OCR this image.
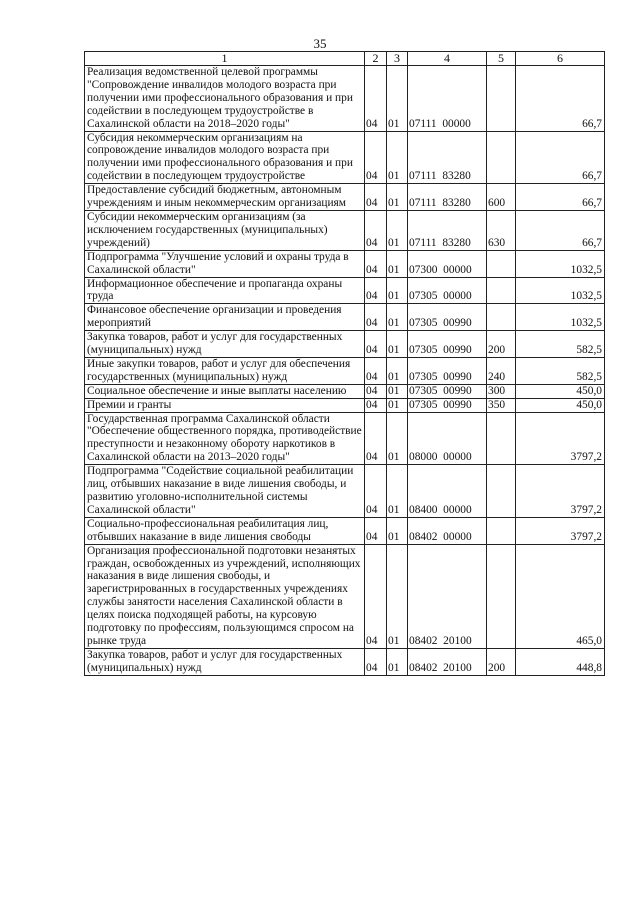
35
1	2	3	4	5	6
Реализация ведомственной целевой программы "Сопровождение инвалидов молодого возраста при получении ими профессионального образования и при содействии в последующем трудоустройстве в Сахалинской области на 2018–2020 годы"	04	01	07111  00000		66,7
Субсидия некоммерческим организациям на сопровождение инвалидов молодого возраста при получении ими профессионального образования и при содействии в последующем трудоустройстве	04	01	07111  83280		66,7
Предоставление субсидий бюджетным, автономным учреждениям и иным некоммерческим организациям	04	01	07111  83280	600	66,7
Субсидии некоммерческим организациям (за исключением государственных (муниципальных) учреждений)	04	01	07111  83280	630	66,7
Подпрограмма "Улучшение условий и охраны труда в Сахалинской области"	04	01	07300  00000		1032,5
Информационное обеспечение и пропаганда охраны труда	04	01	07305  00000		1032,5
Финансовое обеспечение организации и проведения мероприятий	04	01	07305  00990		1032,5
Закупка товаров, работ и услуг для государственных (муниципальных) нужд	04	01	07305  00990	200	582,5
Иные закупки товаров, работ и услуг для обеспечения государственных (муниципальных) нужд	04	01	07305  00990	240	582,5
Социальное обеспечение и иные выплаты населению	04	01	07305  00990	300	450,0
Премии и гранты	04	01	07305  00990	350	450,0
Государственная программа Сахалинской области "Обеспечение общественного порядка, противодействие преступности и незаконному обороту наркотиков в Сахалинской области на 2013–2020 годы"	04	01	08000  00000		3797,2
Подпрограмма "Содействие социальной реабилитации лиц, отбывших наказание в виде лишения свободы, и развитию уголовно-исполнительной системы Сахалинской области"	04	01	08400  00000		3797,2
Социально-профессиональная реабилитация лиц, отбывших наказание в виде лишения свободы	04	01	08402  00000		3797,2
Организация профессиональной подготовки незанятых граждан, освобожденных из учреждений, исполняющих наказания в виде лишения свободы, и зарегистрированных в государственных учреждениях службы занятости населения Сахалинской области в целях поиска подходящей работы, на курсовую подготовку по профессиям, пользующимся спросом на рынке труда	04	01	08402  20100		465,0
Закупка товаров, работ и услуг для государственных (муниципальных) нужд	04	01	08402  20100	200	448,8
